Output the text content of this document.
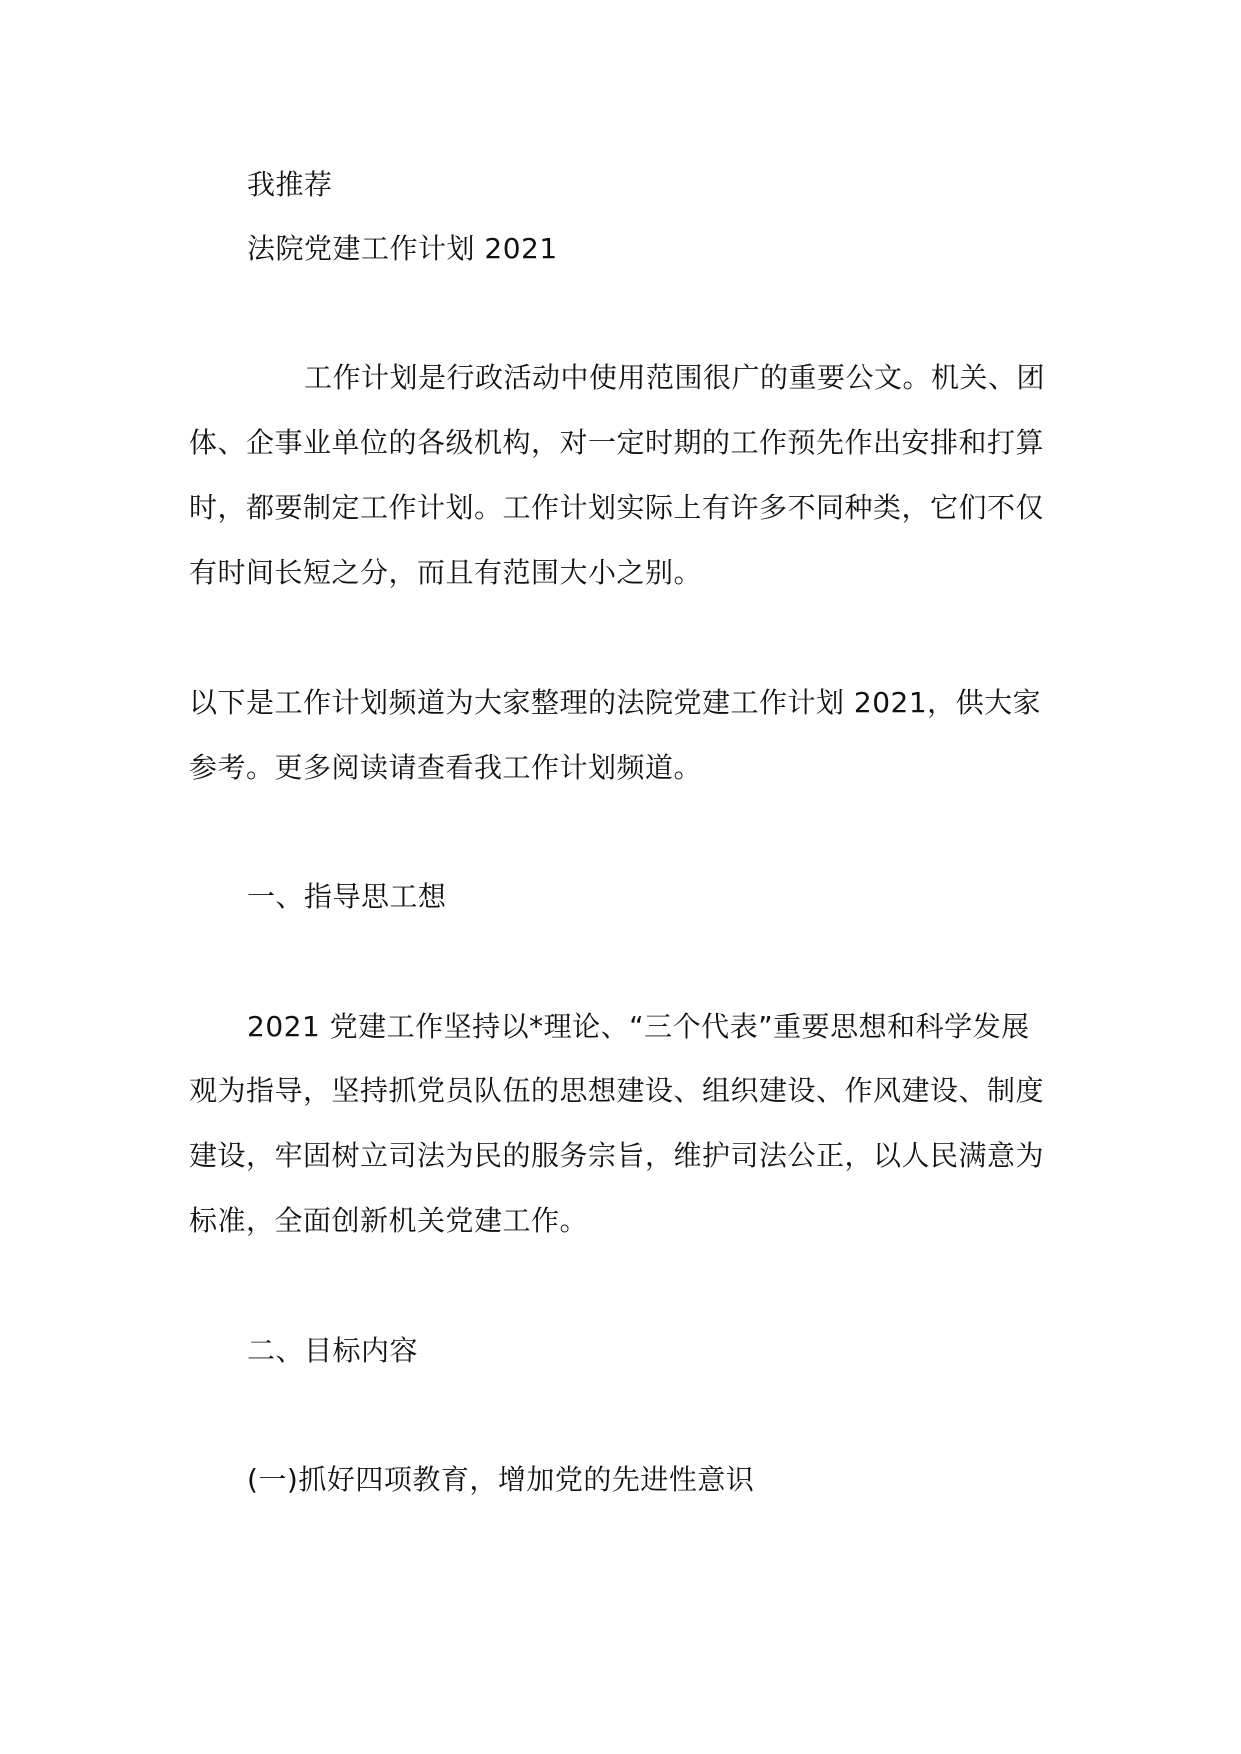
我推荐
法院党建工作计划 2021
工作计划是行政活动中使用范围很广的重要公文。机关、团
体、企事业单位的各级机构，对一定时期的工作预先作出安排和打算
时，都要制定工作计划。工作计划实际上有许多不同种类，它们不仅
有时间长短之分，而且有范围大小之别。
以下是工作计划频道为大家整理的法院党建工作计划 2021，供大家
参考。更多阅读请查看我工作计划频道。
一、指导思工想
2021 党建工作坚持以*理论、“三个代表”重要思想和科学发展
观为指导，坚持抓党员队伍的思想建设、组织建设、作风建设、制度
建设，牢固树立司法为民的服务宗旨，维护司法公正，以人民满意为
标准，全面创新机关党建工作。
二、目标内容
(一)抓好四项教育，增加党的先进性意识
